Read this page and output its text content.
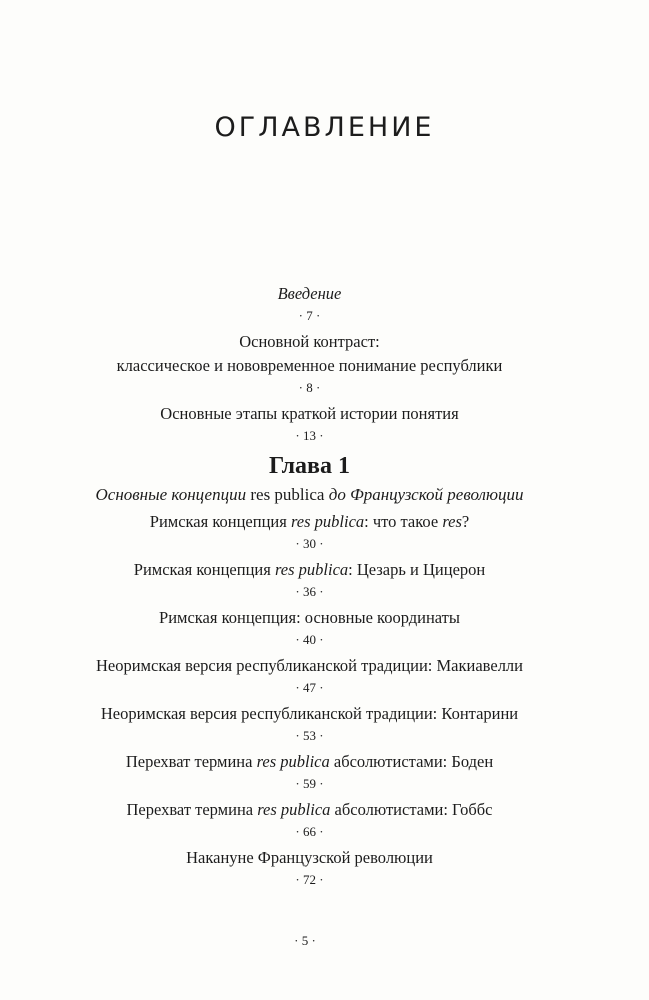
ОГЛАВЛЕНИЕ
Введение
· 7 ·
Основной контраст:
классическое и нововременное понимание республики
· 8 ·
Основные этапы краткой истории понятия
· 13 ·
Глава 1
Основные концепции res publica до Французской революции
Римская концепция res publica: что такое res?
· 30 ·
Римская концепция res publica: Цезарь и Цицерон
· 36 ·
Римская концепция: основные координаты
· 40 ·
Неоримская версия республиканской традиции: Макиавелли
· 47 ·
Неоримская версия республиканской традиции: Контарини
· 53 ·
Перехват термина res publica абсолютистами: Боден
· 59 ·
Перехват термина res publica абсолютистами: Гоббс
· 66 ·
Накануне Французской революции
· 72 ·
· 5 ·
